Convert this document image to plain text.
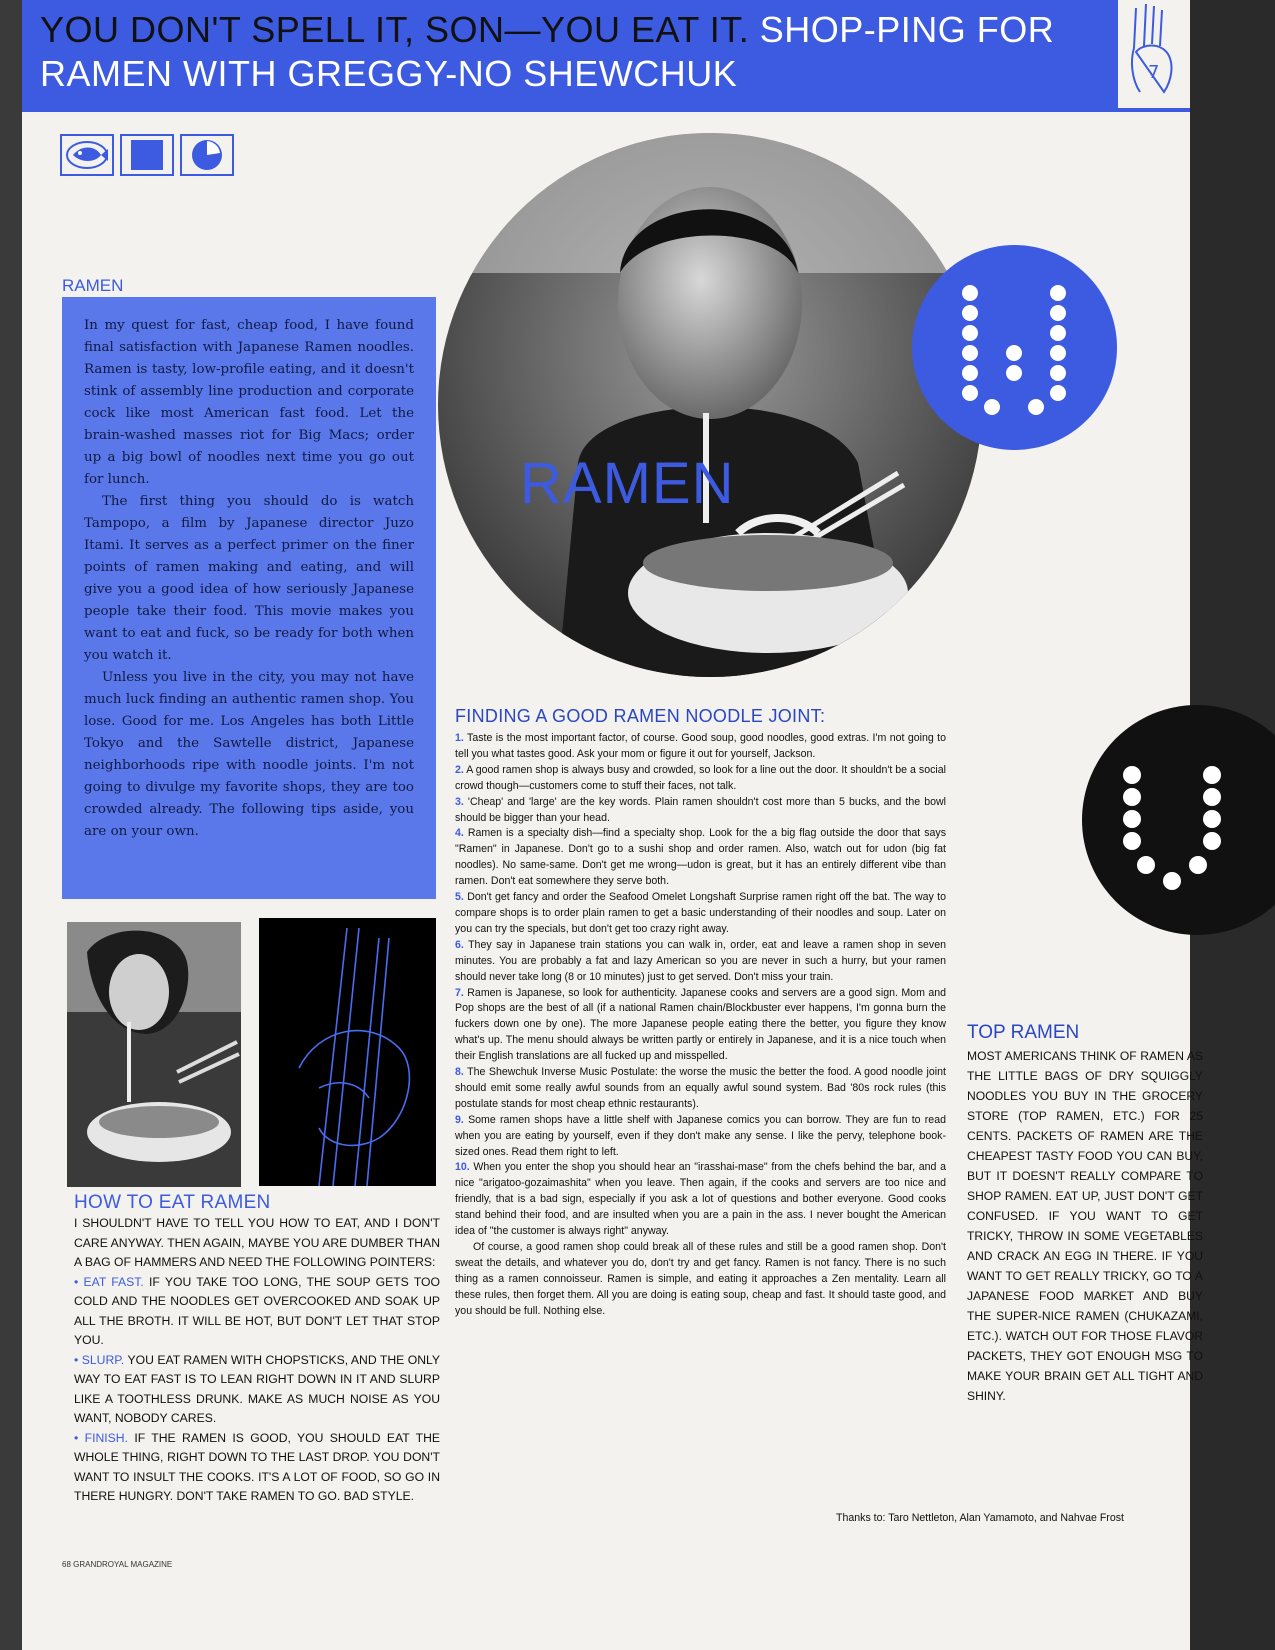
YOU DON'T SPELL IT, SON—YOU EAT IT. SHOP-PING FOR RAMEN WITH GREGGY-NO SHEWCHUK	7
RAMEN

In my quest for fast, cheap food, I have found final satisfaction with Japanese Ramen noodles. Ramen is tasty, low-profile eating, and it doesn't stink of assembly line production and corporate cock like most American fast food. Let the brain-washed masses riot for Big Macs; order up a big bowl of noodles next time you go out for lunch.

The first thing you should do is watch Tampopo, a film by Japanese director Juzo Itami. It serves as a perfect primer on the finer points of ramen making and eating, and will give you a good idea of how seriously Japanese people take their food. This movie makes you want to eat and fuck, so be ready for both when you watch it.

Unless you live in the city, you may not have much luck finding an authentic ramen shop. You lose. Good for me. Los Angeles has both Little Tokyo and the Sawtelle district, Japanese neighborhoods ripe with noodle joints. I'm not going to divulge my favorite shops, they are too crowded already. The following tips aside, you are on your own.

RAMEN
HOW TO EAT RAMEN

I SHOULDN'T HAVE TO TELL YOU HOW TO EAT, AND I DON'T CARE ANYWAY. THEN AGAIN, MAYBE YOU ARE DUMBER THAN A BAG OF HAMMERS AND NEED THE FOLLOWING POINTERS:

• EAT FAST. IF YOU TAKE TOO LONG, THE SOUP GETS TOO COLD AND THE NOODLES GET OVERCOOKED AND SOAK UP ALL THE BROTH. IT WILL BE HOT, BUT DON'T LET THAT STOP YOU.

• SLURP. YOU EAT RAMEN WITH CHOPSTICKS, AND THE ONLY WAY TO EAT FAST IS TO LEAN RIGHT DOWN IN IT AND SLURP LIKE A TOOTHLESS DRUNK. MAKE AS MUCH NOISE AS YOU WANT, NOBODY CARES.

• FINISH. IF THE RAMEN IS GOOD, YOU SHOULD EAT THE WHOLE THING, RIGHT DOWN TO THE LAST DROP. YOU DON'T WANT TO INSULT THE COOKS. IT'S A LOT OF FOOD, SO GO IN THERE HUNGRY. DON'T TAKE RAMEN TO GO. BAD STYLE.

FINDING A GOOD RAMEN NOODLE JOINT:

1. Taste is the most important factor, of course. Good soup, good noodles, good extras. I'm not going to tell you what tastes good. Ask your mom or figure it out for yourself, Jackson.

2. A good ramen shop is always busy and crowded, so look for a line out the door. It shouldn't be a social crowd though—customers come to stuff their faces, not talk.

3. 'Cheap' and 'large' are the key words. Plain ramen shouldn't cost more than 5 bucks, and the bowl should be bigger than your head.

4. Ramen is a specialty dish—find a specialty shop. Look for the a big flag outside the door that says "Ramen" in Japanese. Don't go to a sushi shop and order ramen. Also, watch out for udon (big fat noodles). No same-same. Don't get me wrong—udon is great, but it has an entirely different vibe than ramen. Don't eat somewhere they serve both.

5. Don't get fancy and order the Seafood Omelet Longshaft Surprise ramen right off the bat. The way to compare shops is to order plain ramen to get a basic understanding of their noodles and soup. Later on you can try the specials, but don't get too crazy right away.

6. They say in Japanese train stations you can walk in, order, eat and leave a ramen shop in seven minutes. You are probably a fat and lazy American so you are never in such a hurry, but your ramen should never take long (8 or 10 minutes) just to get served. Don't miss your train.

7. Ramen is Japanese, so look for authenticity. Japanese cooks and servers are a good sign. Mom and Pop shops are the best of all (if a national Ramen chain/Blockbuster ever happens, I'm gonna burn the fuckers down one by one). The more Japanese people eating there the better, you figure they know what's up. The menu should always be written partly or entirely in Japanese, and it is a nice touch when their English translations are all fucked up and misspelled.

8. The Shewchuk Inverse Music Postulate: the worse the music the better the food. A good noodle joint should emit some really awful sounds from an equally awful sound system. Bad '80s rock rules (this postulate stands for most cheap ethnic restaurants).

9. Some ramen shops have a little shelf with Japanese comics you can borrow. They are fun to read when you are eating by yourself, even if they don't make any sense. I like the pervy, telephone book-sized ones. Read them right to left.

10. When you enter the shop you should hear an "irasshai-mase" from the chefs behind the bar, and a nice "arigatoo-gozaimashita" when you leave. Then again, if the cooks and servers are too nice and friendly, that is a bad sign, especially if you ask a lot of questions and bother everyone. Good cooks stand behind their food, and are insulted when you are a pain in the ass. I never bought the American idea of "the customer is always right" anyway.

Of course, a good ramen shop could break all of these rules and still be a good ramen shop. Don't sweat the details, and whatever you do, don't try and get fancy. Ramen is not fancy. There is no such thing as a ramen connoisseur. Ramen is simple, and eating it approaches a Zen mentality. Learn all these rules, then forget them. All you are doing is eating soup, cheap and fast. It should taste good, and you should be full. Nothing else.

TOP RAMEN

MOST AMERICANS THINK OF RAMEN AS THE LITTLE BAGS OF DRY SQUIGGLY NOODLES YOU BUY IN THE GROCERY STORE (TOP RAMEN, ETC.) FOR 25 CENTS. PACKETS OF RAMEN ARE THE CHEAPEST TASTY FOOD YOU CAN BUY, BUT IT DOESN'T REALLY COMPARE TO SHOP RAMEN. EAT UP, JUST DON'T GET CONFUSED. IF YOU WANT TO GET TRICKY, THROW IN SOME VEGETABLES AND CRACK AN EGG IN THERE. IF YOU WANT TO GET REALLY TRICKY, GO TO A JAPANESE FOOD MARKET AND BUY THE SUPER-NICE RAMEN (CHUKAZAMI, ETC.). WATCH OUT FOR THOSE FLAVOR PACKETS, THEY GOT ENOUGH MSG TO MAKE YOUR BRAIN GET ALL TIGHT AND SHINY.

Thanks to: Taro Nettleton, Alan Yamamoto, and Nahvae Frost
68 GRANDROYAL MAGAZINE
